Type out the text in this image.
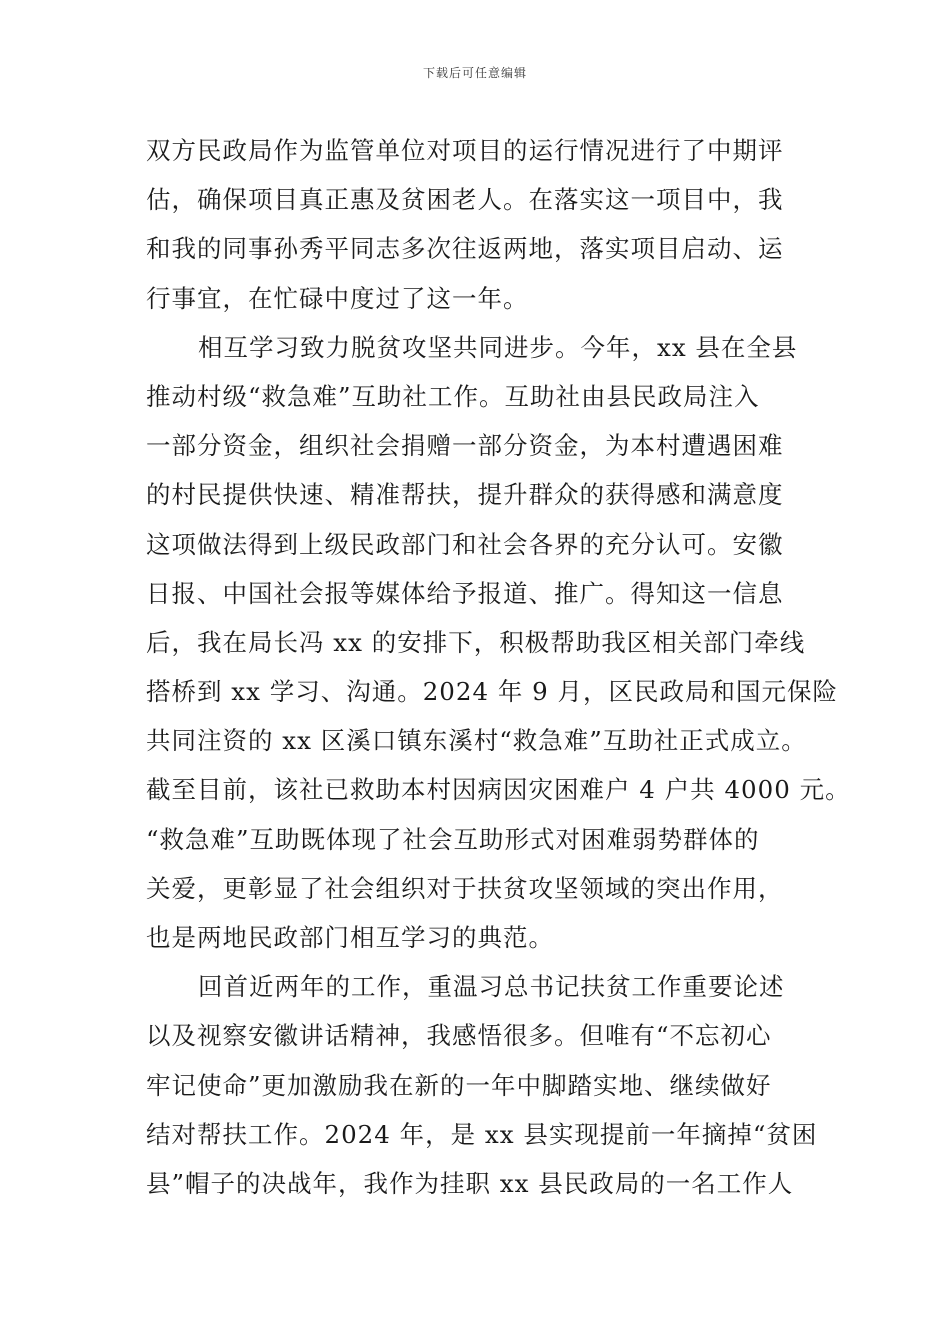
下载后可任意编辑
双方民政局作为监管单位对项目的运行情况进行了中期评
估，确保项目真正惠及贫困老人。在落实这一项目中，我
和我的同事孙秀平同志多次往返两地，落实项目启动、运
行事宜，在忙碌中度过了这一年。
相互学习致力脱贫攻坚共同进步。今年，xx 县在全县
推动村级“救急难”互助社工作。互助社由县民政局注入
一部分资金，组织社会捐赠一部分资金，为本村遭遇困难
的村民提供快速、精准帮扶，提升群众的获得感和满意度
这项做法得到上级民政部门和社会各界的充分认可。安徽
日报、中国社会报等媒体给予报道、推广。得知这一信息
后，我在局长冯 xx 的安排下，积极帮助我区相关部门牵线
搭桥到 xx 学习、沟通。2024 年 9 月，区民政局和国元保险
共同注资的 xx 区溪口镇东溪村“救急难”互助社正式成立。
截至目前，该社已救助本村因病因灾困难户 4 户共 4000 元。
“救急难”互助既体现了社会互助形式对困难弱势群体的
关爱，更彰显了社会组织对于扶贫攻坚领域的突出作用，
也是两地民政部门相互学习的典范。
回首近两年的工作，重温习总书记扶贫工作重要论述
以及视察安徽讲话精神，我感悟很多。但唯有“不忘初心
牢记使命”更加激励我在新的一年中脚踏实地、继续做好
结对帮扶工作。2024 年，是 xx 县实现提前一年摘掉“贫困
县”帽子的决战年，我作为挂职 xx 县民政局的一名工作人
